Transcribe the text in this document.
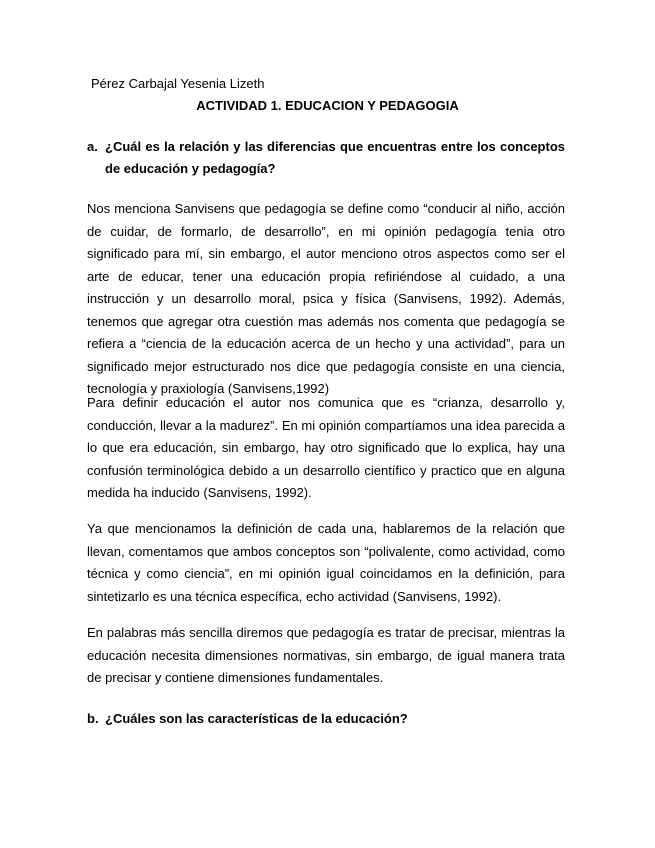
Pérez Carbajal Yesenia Lizeth
ACTIVIDAD 1. EDUCACION Y PEDAGOGIA
a. ¿Cuál es la relación y las diferencias que encuentras entre los conceptos de educación y pedagogía?

Nos menciona Sanvisens que pedagogía se define como “conducir al niño, acción de cuidar, de formarlo, de desarrollo”, en mi opinión pedagogía tenia otro significado para mí, sin embargo, el autor menciono otros aspectos como ser el arte de educar, tener una educación propia refiriéndose al cuidado, a una instrucción y un desarrollo moral, psica y física (Sanvisens, 1992). Además, tenemos que agregar otra cuestión mas además nos comenta que pedagogía se refiera a “ciencia de la educación acerca de un hecho y una actividad”, para un significado mejor estructurado nos dice que pedagogía consiste en una ciencia, tecnología y praxiología (Sanvisens,1992)

Para definir educación el autor nos comunica que es “crianza, desarrollo y, conducción, llevar a la madurez”. En mi opinión compartíamos una idea parecida a lo que era educación, sin embargo, hay otro significado que lo explica, hay una confusión terminológica debido a un desarrollo científico y practico que en alguna medida ha inducido (Sanvisens, 1992).

Ya que mencionamos la definición de cada una, hablaremos de la relación que llevan, comentamos que ambos conceptos son “polivalente, como actividad, como técnica y como ciencia”, en mi opinión igual coincidamos en la definición, para sintetizarlo es una técnica específica, echo actividad (Sanvisens, 1992).

En palabras más sencilla diremos que pedagogía es tratar de precisar, mientras la educación necesita dimensiones normativas, sin embargo, de igual manera trata de precisar y contiene dimensiones fundamentales.

b. ¿Cuáles son las características de la educación?
